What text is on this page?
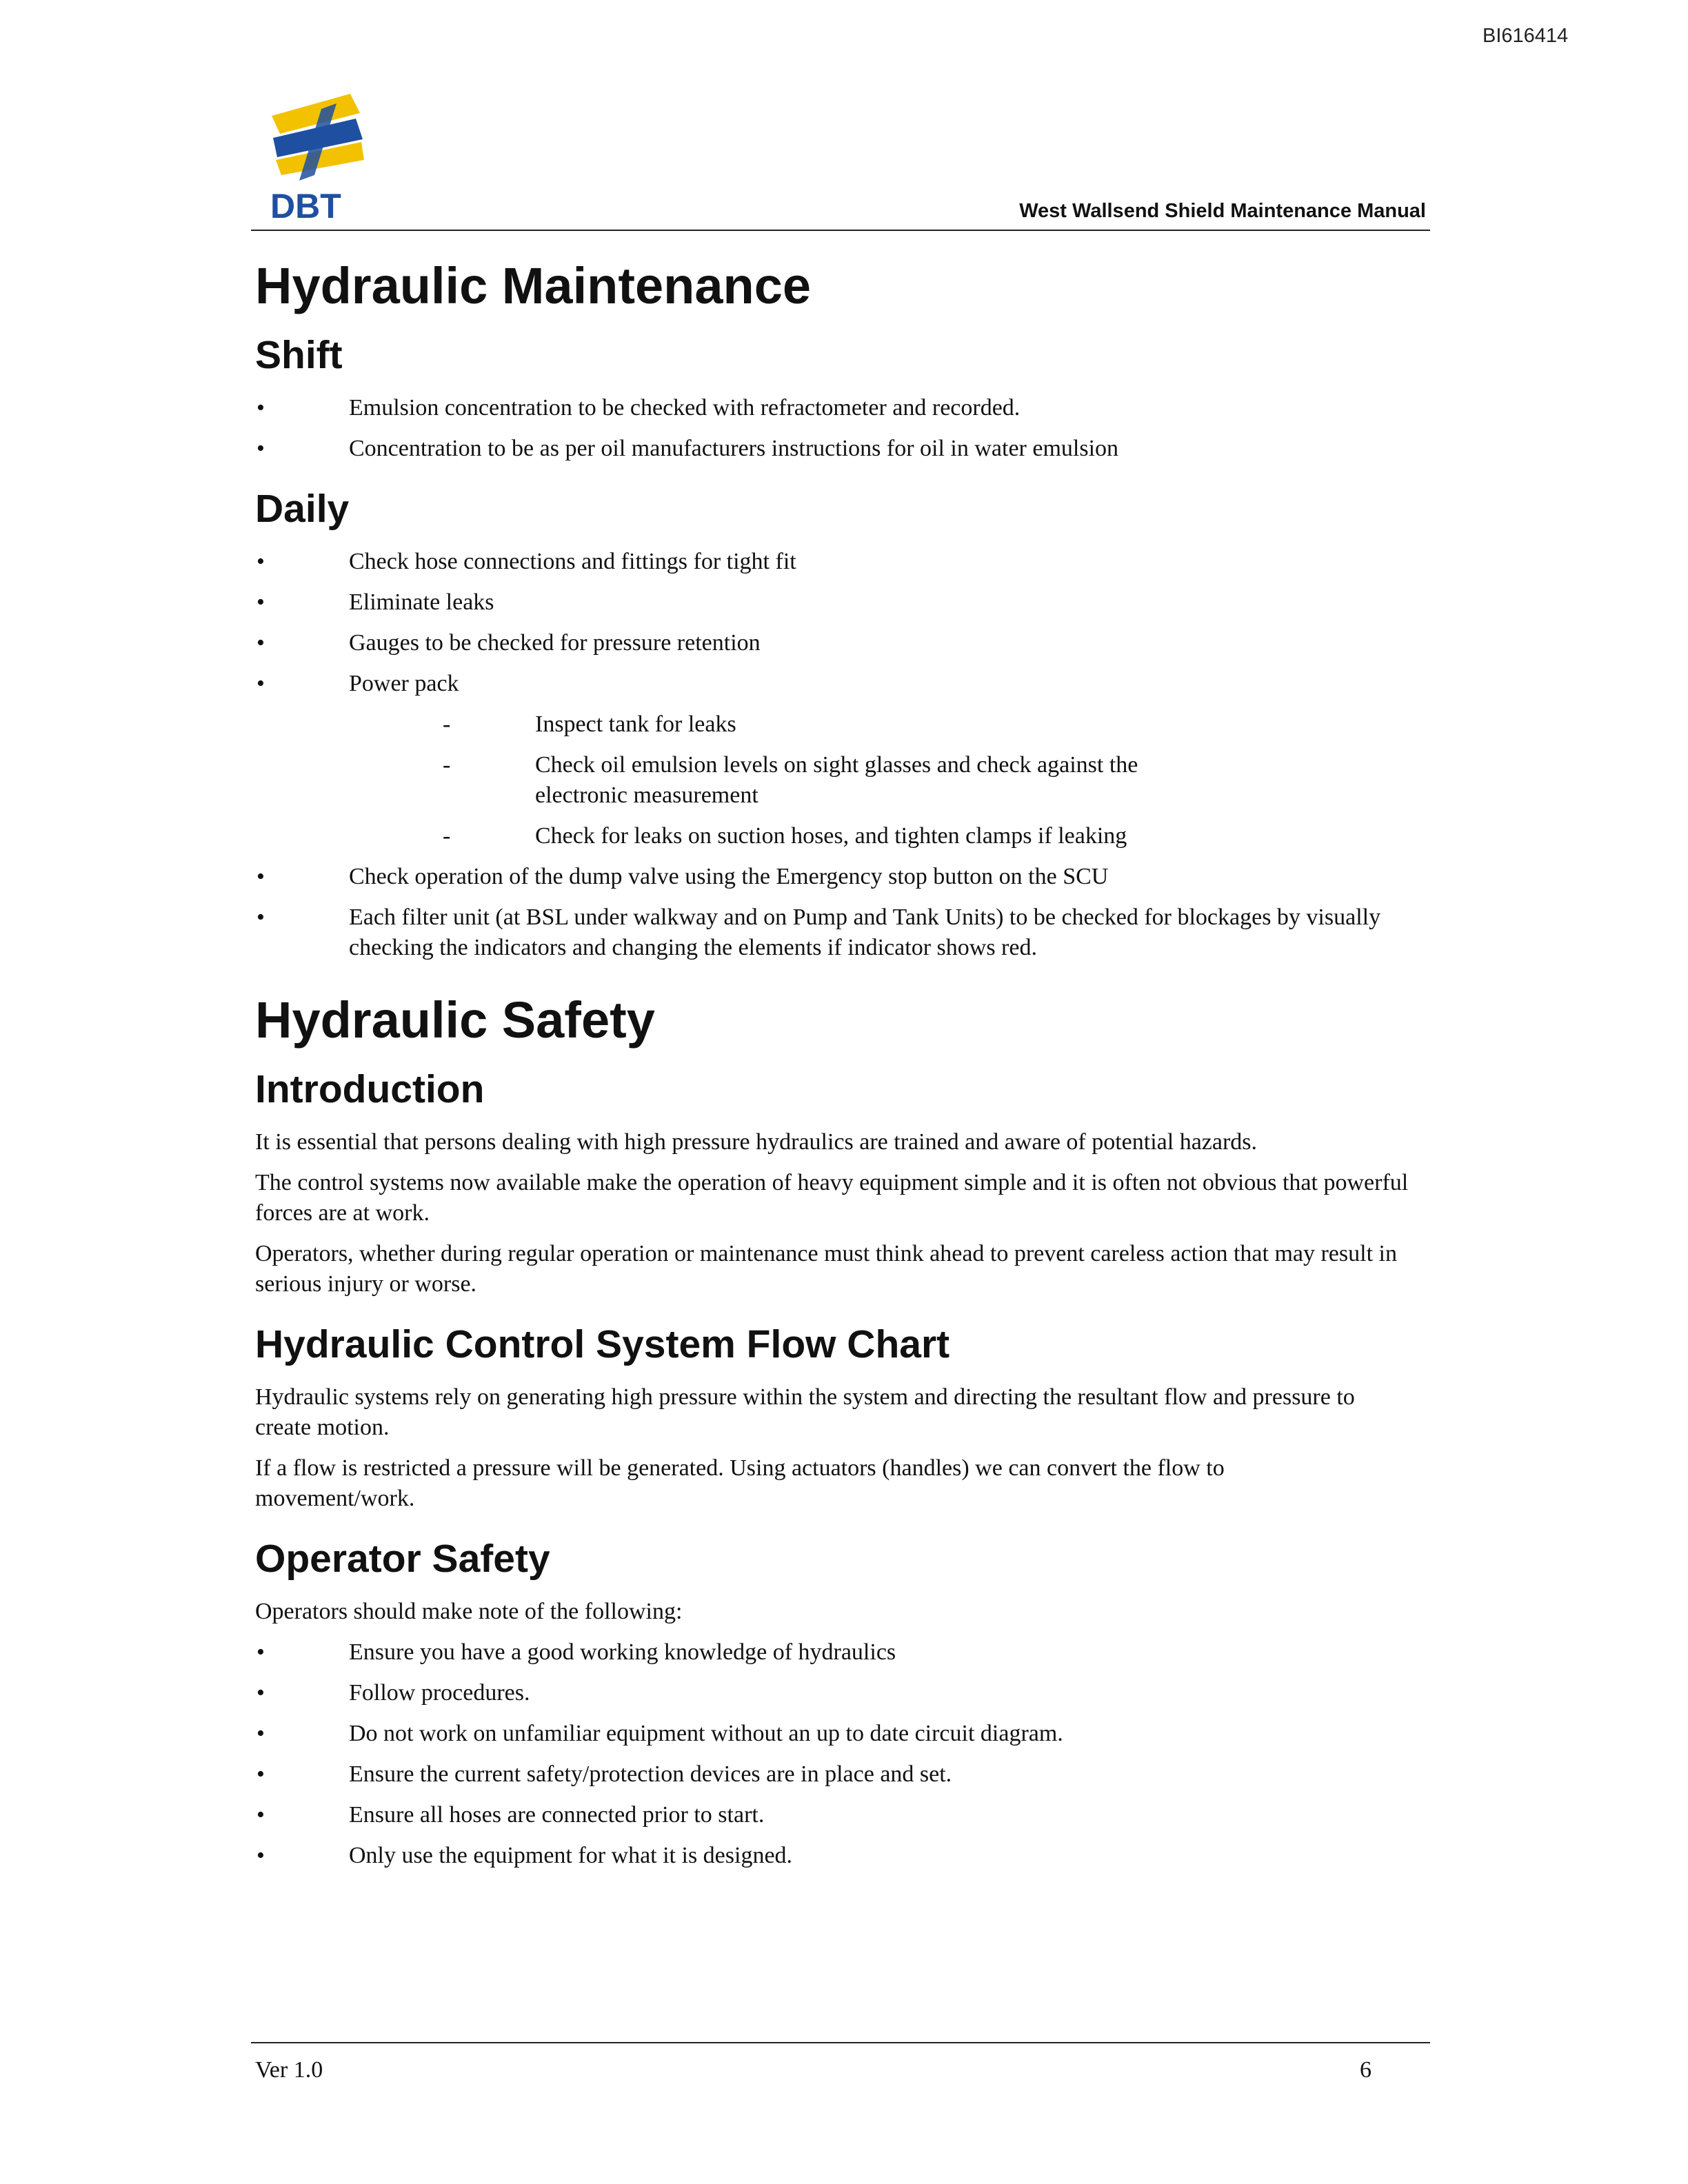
BI616414
DBT	West Wallsend Shield Maintenance Manual
Hydraulic Maintenance
Shift
•	Emulsion concentration to be checked with refractometer and recorded.
•	Concentration to be as per oil manufacturers instructions for oil in water emulsion
Daily
•	Check hose connections and fittings for tight fit
•	Eliminate leaks
•	Gauges to be checked for pressure retention
•	Power pack
-	Inspect tank for leaks
-	Check oil emulsion levels on sight glasses and check against the electronic measurement
-	Check for leaks on suction hoses, and tighten clamps if leaking
•	Check operation of the dump valve using the Emergency stop button on the SCU
•	Each filter unit (at BSL under walkway and on Pump and Tank Units) to be checked for blockages by visually checking the indicators and changing the elements if indicator shows red.
Hydraulic Safety
Introduction

It is essential that persons dealing with high pressure hydraulics are trained and aware of potential hazards.

The control systems now available make the operation of heavy equipment simple and it is often not obvious that powerful forces are at work.

Operators, whether during regular operation or maintenance must think ahead to prevent careless action that may result in serious injury or worse.

Hydraulic Control System Flow Chart

Hydraulic systems rely on generating high pressure within the system and directing the resultant flow and pressure to create motion.

If a flow is restricted a pressure will be generated. Using actuators (handles) we can convert the flow to movement/work.

Operator Safety

Operators should make note of the following:

•	Ensure you have a good working knowledge of hydraulics
•	Follow procedures.
•	Do not work on unfamiliar equipment without an up to date circuit diagram.
•	Ensure the current safety/protection devices are in place and set.
•	Ensure all hoses are connected prior to start.
•	Only use the equipment for what it is designed.
Ver 1.0	6
